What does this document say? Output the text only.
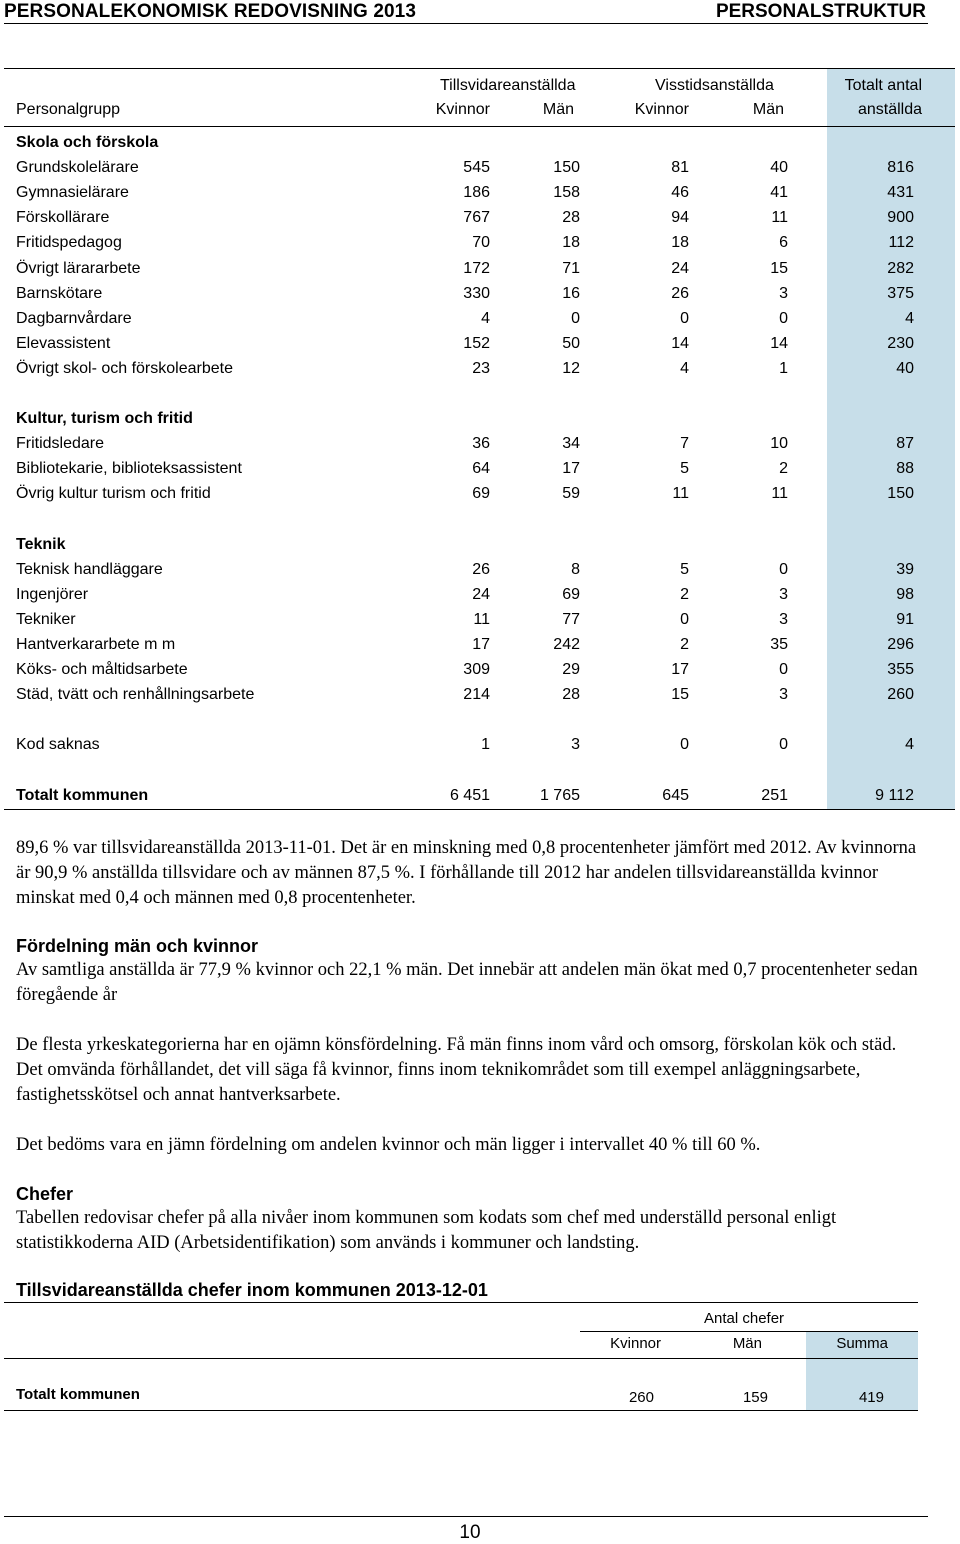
PERSONALEKONOMISK REDOVISNING 2013	PERSONALSTRUKTUR
Tillsvidareanställda	Visstidsanställda	Totalt antal
Personalgrupp	Kvinnor	Män	Kvinnor	Män	anställda
Skola och förskola
Grundskolelärare	545	150	81	40	816
Gymnasielärare	186	158	46	41	431
Förskollärare	767	28	94	11	900
Fritidspedagog	70	18	18	6	112
Övrigt lärararbete	172	71	24	15	282
Barnskötare	330	16	26	3	375
Dagbarnvårdare	4	0	0	0	4
Elevassistent	152	50	14	14	230
Övrigt skol- och förskolearbete	23	12	4	1	40
Kultur, turism och fritid
Fritidsledare	36	34	7	10	87
Bibliotekarie, biblioteksassistent	64	17	5	2	88
Övrig kultur turism och fritid	69	59	11	11	150
Teknik
Teknisk handläggare	26	8	5	0	39
Ingenjörer	24	69	2	3	98
Tekniker	11	77	0	3	91
Hantverkararbete m m	17	242	2	35	296
Köks- och måltidsarbete	309	29	17	0	355
Städ, tvätt och renhållningsarbete	214	28	15	3	260
Kod saknas	1	3	0	0	4
Totalt kommunen	6 451	1 765	645	251	9 112
89,6 % var tillsvidareanställda 2013-11-01. Det är en minskning med 0,8 procentenheter jämfört med 2012. Av kvinnorna är 90,9 % anställda tillsvidare och av männen 87,5 %. I förhållande till 2012 har andelen tillsvidareanställda kvinnor minskat med 0,4 och männen med 0,8 procentenheter.
Fördelning män och kvinnor
Av samtliga anställda är 77,9 % kvinnor och 22,1 % män. Det innebär att andelen män ökat med 0,7 procentenheter sedan föregående år
De flesta yrkeskategorierna har en ojämn könsfördelning. Få män finns inom vård och omsorg, förskolan kök och städ. Det omvända förhållandet, det vill säga få kvinnor, finns inom teknikområdet som till exempel anläggningsarbete, fastighetsskötsel och annat hantverksarbete.
Det bedöms vara en jämn fördelning om andelen kvinnor och män ligger i intervallet 40 % till 60 %.
Chefer
Tabellen redovisar chefer på alla nivåer inom kommunen som kodats som chef med underställd personal enligt statistikkoderna AID (Arbetsidentifikation) som används i kommuner och landsting.
Tillsvidareanställda chefer inom kommunen 2013-12-01
Antal chefer
Kvinnor	Män	Summa
Totalt kommunen	260	159	419
10
